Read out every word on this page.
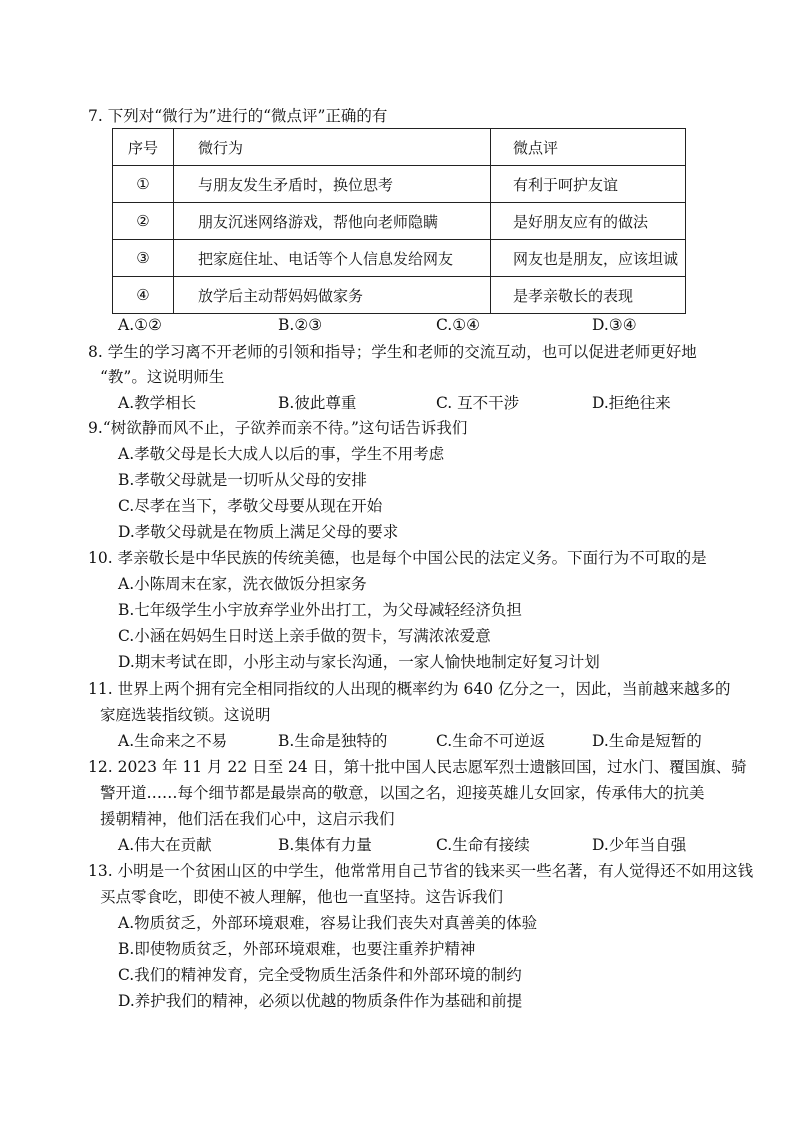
7. 下列对“微行为”进行的“微点评”正确的有
序号	微行为	微点评
①	与朋友发生矛盾时，换位思考	有利于呵护友谊
②	朋友沉迷网络游戏，帮他向老师隐瞒	是好朋友应有的做法
③	把家庭住址、电话等个人信息发给网友	网友也是朋友，应该坦诚
④	放学后主动帮妈妈做家务	是孝亲敬长的表现
A.①②	B.②③	C.①④	D.③④
8. 学生的学习离不开老师的引领和指导；学生和老师的交流互动，也可以促进老师更好地
“教”。这说明师生
A.教学相长	B.彼此尊重	C. 互不干涉	D.拒绝往来
9.“树欲静而风不止，子欲养而亲不待。”这句话告诉我们
A.孝敬父母是长大成人以后的事，学生不用考虑
B.孝敬父母就是一切听从父母的安排
C.尽孝在当下，孝敬父母要从现在开始
D.孝敬父母就是在物质上满足父母的要求
10. 孝亲敬长是中华民族的传统美德，也是每个中国公民的法定义务。下面行为不可取的是
A.小陈周末在家，洗衣做饭分担家务
B.七年级学生小宇放弃学业外出打工，为父母减轻经济负担
C.小涵在妈妈生日时送上亲手做的贺卡，写满浓浓爱意
D.期末考试在即，小彤主动与家长沟通，一家人愉快地制定好复习计划
11. 世界上两个拥有完全相同指纹的人出现的概率约为 640 亿分之一，因此，当前越来越多的
家庭选装指纹锁。这说明
A.生命来之不易	B.生命是独特的	C.生命不可逆返	D.生命是短暂的
12. 2023 年 11 月 22 日至 24 日，第十批中国人民志愿军烈士遗骸回国，过水门、覆国旗、骑
警开道……每个细节都是最崇高的敬意，以国之名，迎接英雄儿女回家，传承伟大的抗美
援朝精神，他们活在我们心中，这启示我们
A.伟大在贡献	B.集体有力量	C.生命有接续	D.少年当自强
13. 小明是一个贫困山区的中学生，他常常用自己节省的钱来买一些名著，有人觉得还不如用这钱
买点零食吃，即使不被人理解，他也一直坚持。这告诉我们
A.物质贫乏，外部环境艰难，容易让我们丧失对真善美的体验
B.即使物质贫乏，外部环境艰难，也要注重养护精神
C.我们的精神发育，完全受物质生活条件和外部环境的制约
D.养护我们的精神，必须以优越的物质条件作为基础和前提
